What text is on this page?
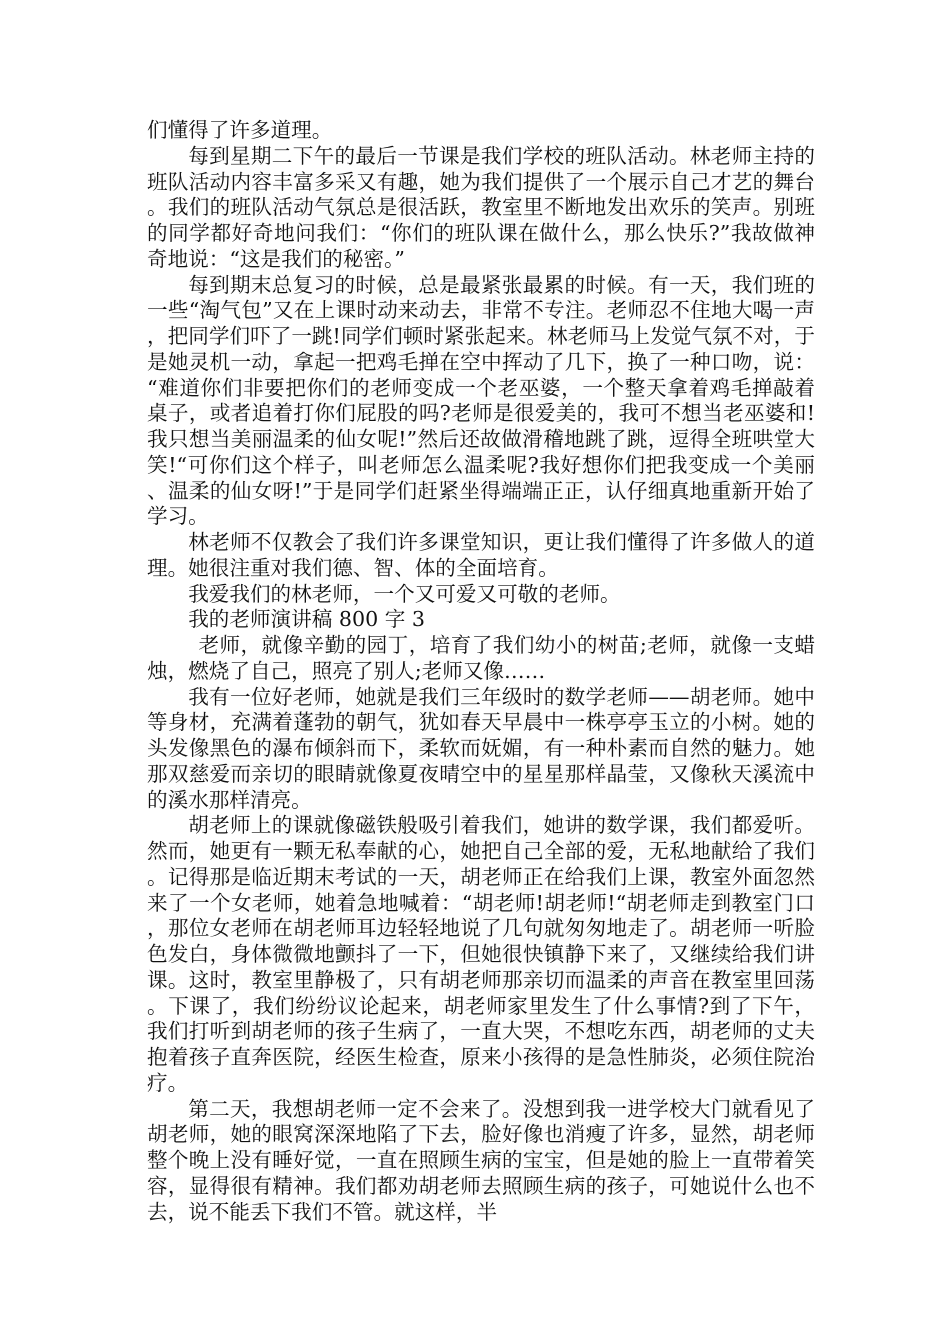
们懂得了许多道理。

每到星期二下午的最后一节课是我们学校的班队活动。林老师主持的班队活动内容丰富多采又有趣，她为我们提供了一个展示自己才艺的舞台。我们的班队活动气氛总是很活跃，教室里不断地发出欢乐的笑声。别班的同学都好奇地问我们：“你们的班队课在做什么，那么快乐?”我故做神奇地说：“这是我们的秘密。”

每到期末总复习的时候，总是最紧张最累的时候。有一天，我们班的一些“淘气包”又在上课时动来动去，非常不专注。老师忍不住地大喝一声，把同学们吓了一跳!同学们顿时紧张起来。林老师马上发觉气氛不对，于是她灵机一动，拿起一把鸡毛掸在空中挥动了几下，换了一种口吻，说：“难道你们非要把你们的老师变成一个老巫婆，一个整天拿着鸡毛掸敲着桌子，或者追着打你们屁股的吗?老师是很爱美的，我可不想当老巫婆和!我只想当美丽温柔的仙女呢!”然后还故做滑稽地跳了跳，逗得全班哄堂大笑!“可你们这个样子，叫老师怎么温柔呢?我好想你们把我变成一个美丽、温柔的仙女呀!”于是同学们赶紧坐得端端正正，认仔细真地重新开始了学习。

林老师不仅教会了我们许多课堂知识，更让我们懂得了许多做人的道理。她很注重对我们德、智、体的全面培育。

我爱我们的林老师，一个又可爱又可敬的老师。

我的老师演讲稿 800 字 3

老师，就像辛勤的园丁，培育了我们幼小的树苗;老师，就像一支蜡烛，燃烧了自己，照亮了别人;老师又像……

我有一位好老师，她就是我们三年级时的数学老师——胡老师。她中等身材，充满着蓬勃的朝气，犹如春天早晨中一株亭亭玉立的小树。她的头发像黑色的瀑布倾斜而下，柔软而妩媚，有一种朴素而自然的魅力。她那双慈爱而亲切的眼睛就像夏夜晴空中的星星那样晶莹，又像秋天溪流中的溪水那样清亮。

胡老师上的课就像磁铁般吸引着我们，她讲的数学课，我们都爱听。然而，她更有一颗无私奉献的心，她把自己全部的爱，无私地献给了我们。记得那是临近期末考试的一天，胡老师正在给我们上课，教室外面忽然来了一个女老师，她着急地喊着：“胡老师!胡老师!“胡老师走到教室门口，那位女老师在胡老师耳边轻轻地说了几句就匆匆地走了。胡老师一听脸色发白，身体微微地颤抖了一下，但她很快镇静下来了，又继续给我们讲课。这时，教室里静极了，只有胡老师那亲切而温柔的声音在教室里回荡。下课了，我们纷纷议论起来，胡老师家里发生了什么事情?到了下午，我们打听到胡老师的孩子生病了，一直大哭，不想吃东西，胡老师的丈夫抱着孩子直奔医院，经医生检查，原来小孩得的是急性肺炎，必须住院治疗。

第二天，我想胡老师一定不会来了。没想到我一进学校大门就看见了胡老师，她的眼窝深深地陷了下去，脸好像也消瘦了许多，显然，胡老师整个晚上没有睡好觉，一直在照顾生病的宝宝，但是她的脸上一直带着笑容，显得很有精神。我们都劝胡老师去照顾生病的孩子，可她说什么也不去，说不能丢下我们不管。就这样，半
